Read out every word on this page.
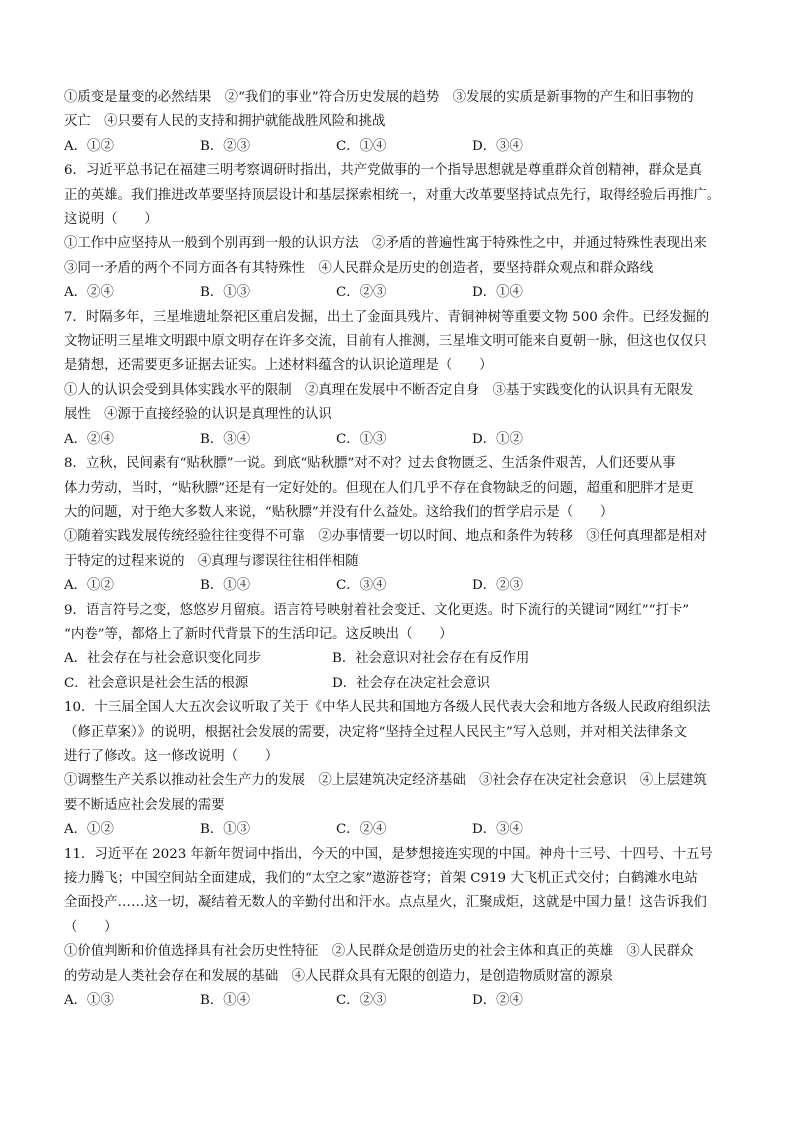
①质变是量变的必然结果　②“我们的事业”符合历史发展的趋势　③发展的实质是新事物的产生和旧事物的
灭亡　④只要有人民的支持和拥护就能战胜风险和挑战
A．①②	B．②③	C．①④	D．③④
6．习近平总书记在福建三明考察调研时指出，共产党做事的一个指导思想就是尊重群众首创精神，群众是真
正的英雄。我们推进改革要坚持顶层设计和基层探索相统一，对重大改革要坚持试点先行，取得经验后再推广。
这说明（　　）
①工作中应坚持从一般到个别再到一般的认识方法　②矛盾的普遍性寓于特殊性之中，并通过特殊性表现出来
③同一矛盾的两个不同方面各有其特殊性　④人民群众是历史的创造者，要坚持群众观点和群众路线
A．②④	B．①③	C．②③	D．①④
7．时隔多年，三星堆遗址祭祀区重启发掘，出土了金面具残片、青铜神树等重要文物 500 余件。已经发掘的
文物证明三星堆文明跟中原文明存在许多交流，目前有人推测，三星堆文明可能来自夏朝一脉，但这也仅仅只
是猜想，还需要更多证据去证实。上述材料蕴含的认识论道理是（　　）
①人的认识会受到具体实践水平的限制　②真理在发展中不断否定自身　③基于实践变化的认识具有无限发
展性　④源于直接经验的认识是真理性的认识
A．②④	B．③④	C．①③	D．①②
8．立秋，民间素有“贴秋膘”一说。到底“贴秋膘”对不对？过去食物匮乏、生活条件艰苦，人们还要从事
体力劳动，当时，“贴秋膘”还是有一定好处的。但现在人们几乎不存在食物缺乏的问题，超重和肥胖才是更
大的问题，对于绝大多数人来说，“贴秋膘”并没有什么益处。这给我们的哲学启示是（　　）
①随着实践发展传统经验往往变得不可靠　②办事情要一切以时间、地点和条件为转移　③任何真理都是相对
于特定的过程来说的　④真理与谬误往往相伴相随
A．①②	B．①④	C．③④	D．②③
9．语言符号之变，悠悠岁月留痕。语言符号映射着社会变迁、文化更迭。时下流行的关键词“网红”“打卡”
“内卷”等，都烙上了新时代背景下的生活印记。这反映出（　　）
A．社会存在与社会意识变化同步	B．社会意识对社会存在有反作用
C．社会意识是社会生活的根源	D．社会存在决定社会意识
10．十三届全国人大五次会议听取了关于《中华人民共和国地方各级人民代表大会和地方各级人民政府组织法
（修正草案）》的说明，根据社会发展的需要，决定将“坚持全过程人民民主”写入总则，并对相关法律条文
进行了修改。这一修改说明（　　）
①调整生产关系以推动社会生产力的发展　②上层建筑决定经济基础　③社会存在决定社会意识　④上层建筑
要不断适应社会发展的需要
A．①②	B．①③	C．②④	D．③④
11．习近平在 2023 年新年贺词中指出，今天的中国，是梦想接连实现的中国。神舟十三号、十四号、十五号
接力腾飞；中国空间站全面建成，我们的“太空之家”遨游苍穹；首架 C919 大飞机正式交付；白鹤滩水电站
全面投产……这一切，凝结着无数人的辛勤付出和汗水。点点星火，汇聚成炬，这就是中国力量！这告诉我们
（　　）
①价值判断和价值选择具有社会历史性特征　②人民群众是创造历史的社会主体和真正的英雄　③人民群众
的劳动是人类社会存在和发展的基础　④人民群众具有无限的创造力，是创造物质财富的源泉
A．①③	B．①④	C．②③	D．②④
